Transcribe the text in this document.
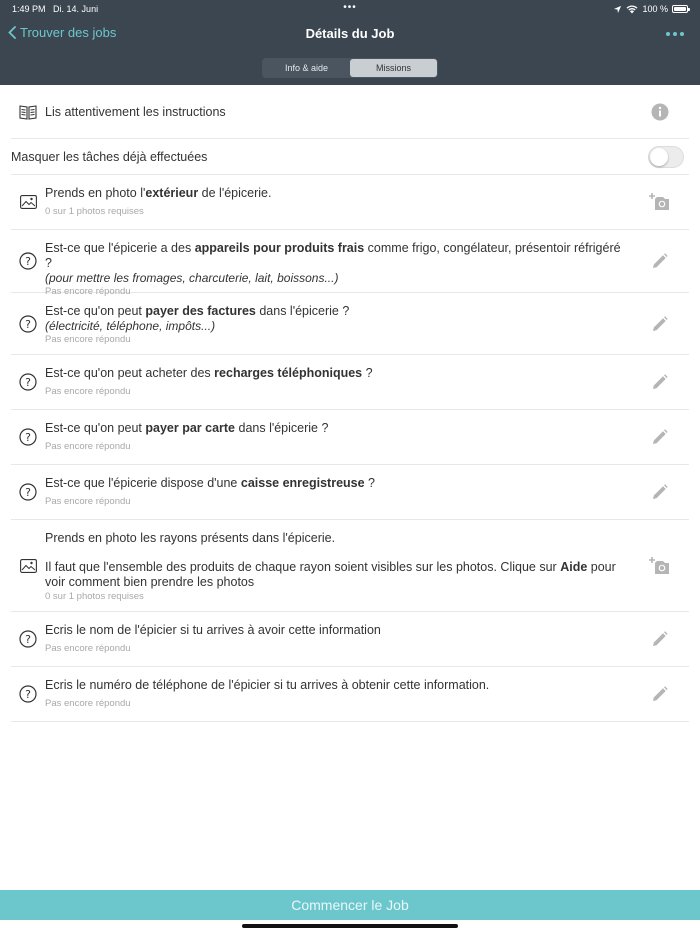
1:49 PM Di. 14. Juni	•••	100 %
Trouver des jobs	Détails du Job
Info & aide	Missions
Lis attentivement les instructions
Masquer les tâches déjà effectuées
Prends en photo l'extérieur de l'épicerie.
0 sur 1 photos requises
?
Est-ce que l'épicerie a des appareils pour produits frais comme frigo, congélateur, présentoir réfrigéré ?
(pour mettre les fromages, charcuterie, lait, boissons...)
Pas encore répondu
?
Est-ce qu'on peut payer des factures dans l'épicerie ?
(électricité, téléphone, impôts...)
Pas encore répondu
?
Est-ce qu'on peut acheter des recharges téléphoniques ?
Pas encore répondu
?
Est-ce qu'on peut payer par carte dans l'épicerie ?
Pas encore répondu
?
Est-ce que l'épicerie dispose d'une caisse enregistreuse ?
Pas encore répondu
Prends en photo les rayons présents dans l'épicerie.
Il faut que l'ensemble des produits de chaque rayon soient visibles sur les photos. Clique sur Aide pour voir comment bien prendre les photos
0 sur 1 photos requises
?
Ecris le nom de l'épicier si tu arrives à avoir cette information
Pas encore répondu
?
Ecris le numéro de téléphone de l'épicier si tu arrives à obtenir cette information.
Pas encore répondu
Commencer le Job
